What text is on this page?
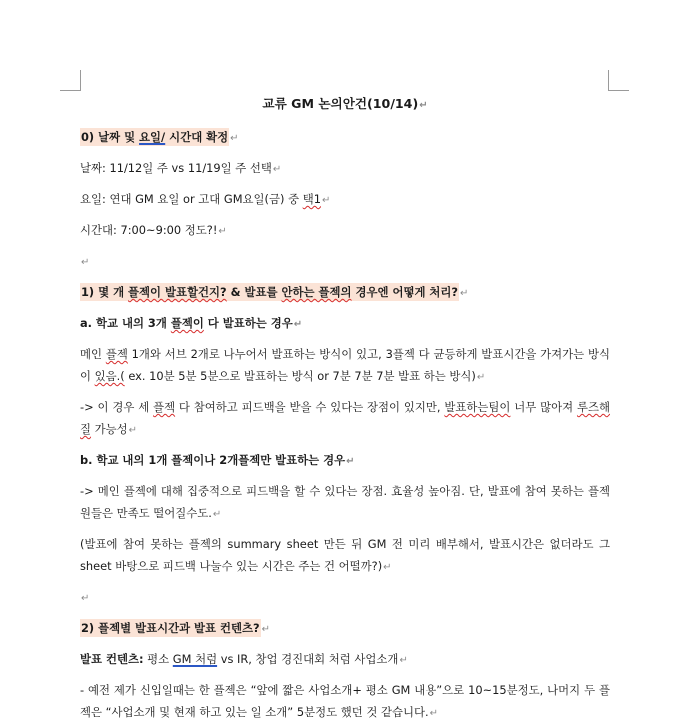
교류 GM 논의안건(10/14)↵
0) 날짜 및 요일/ 시간대 확정 ↵
날짜: 11/12일 주 vs 11/19일 주 선택↵
요일: 연대 GM 요일 or 고대 GM요일(금) 중 택1↵
시간대: 7:00~9:00 정도?!↵
↵
1) 몇 개 플젝이 발표할건지? & 발표를 안하는 플젝의 경우엔 어떻게 처리? ↵
a. 학교 내의 3개 플젝이 다 발표하는 경우↵
메인 플젝 1개와 서브 2개로 나누어서 발표하는 방식이 있고, 3플젝 다 균등하게 발표시간을 가져가는 방식이 있음.( ex. 10분 5분 5분으로 발표하는 방식 or 7분 7분 7분 발표 하는 방식)↵
-> 이 경우 세 플젝 다 참여하고 피드백을 받을 수 있다는 장점이 있지만, 발표하는팀이 너무 많아져 루즈해질 가능성↵
b. 학교 내의 1개 플젝이나 2개플젝만 발표하는 경우↵
-> 메인 플젝에 대해 집중적으로 피드백을 할 수 있다는 장점. 효율성 높아짐. 단, 발표에 참여 못하는 플젝원들은 만족도 떨어질수도.↵
(발표에 참여 못하는 플젝의 summary sheet 만든 뒤 GM 전 미리 배부해서, 발표시간은 없더라도 그 sheet 바탕으로 피드백 나눌수 있는 시간은 주는 건 어떨까?)↵
↵
2) 플젝별 발표시간과 발표 컨텐츠? ↵
발표 컨텐츠: 평소 GM 처럼 vs IR, 창업 경진대회 처럼 사업소개↵
- 예전 제가 신입일때는 한 플젝은 “앞에 짧은 사업소개+ 평소 GM 내용”으로 10~15분정도, 나머지 두 플젝은 “사업소개 및 현재 하고 있는 일 소개” 5분정도 했던 것 같습니다.↵
